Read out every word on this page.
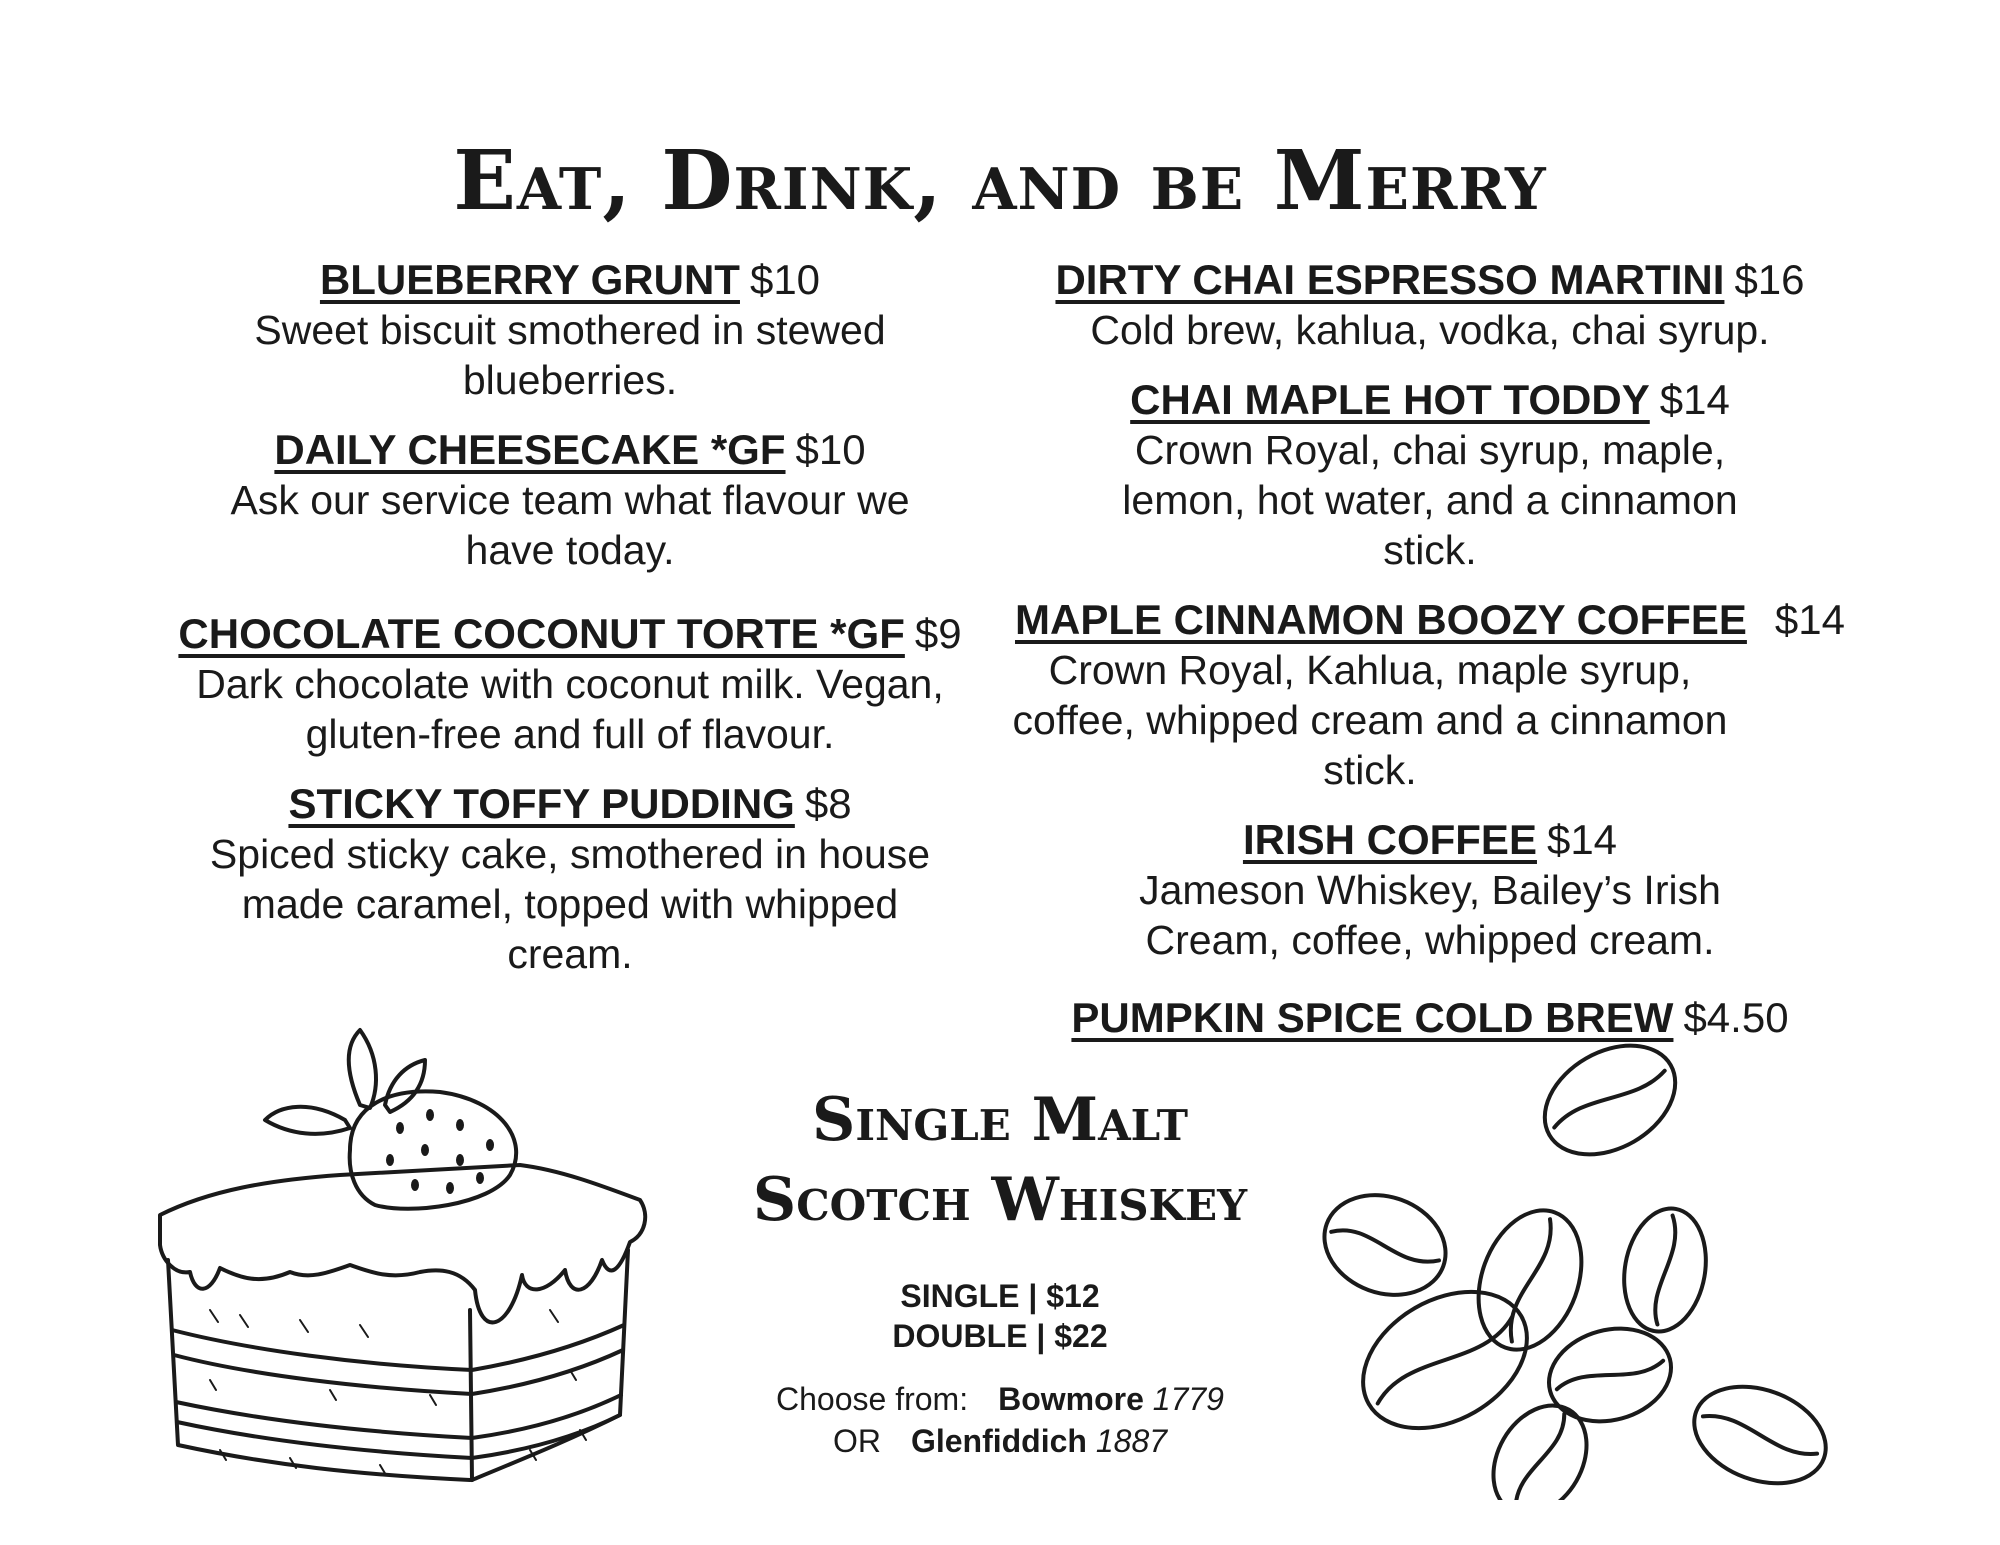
Eat, Drink, and be Merry
BLUEBERRY GRUNT $10
Sweet biscuit smothered in stewed blueberries.
DAILY CHEESECAKE *GF $10
Ask our service team what flavour we have today.
CHOCOLATE COCONUT TORTE *GF $9
Dark chocolate with coconut milk. Vegan, gluten-free and full of flavour.
STICKY TOFFY PUDDING $8
Spiced sticky cake, smothered in house made caramel, topped with whipped cream.
DIRTY CHAI ESPRESSO MARTINI $16
Cold brew, kahlua, vodka, chai syrup.
CHAI MAPLE HOT TODDY $14
Crown Royal, chai syrup, maple, lemon, hot water, and a cinnamon stick.
MAPLE CINNAMON BOOZY COFFEE $14
Crown Royal, Kahlua, maple syrup, coffee, whipped cream and a cinnamon stick.
IRISH COFFEE $14
Jameson Whiskey, Bailey’s Irish Cream, coffee, whipped cream.
PUMPKIN SPICE COLD BREW $4.50
Single Malt
Scotch Whiskey
SINGLE | $12
DOUBLE | $22
Choose from: Bowmore 1779
OR Glenfiddich 1887
